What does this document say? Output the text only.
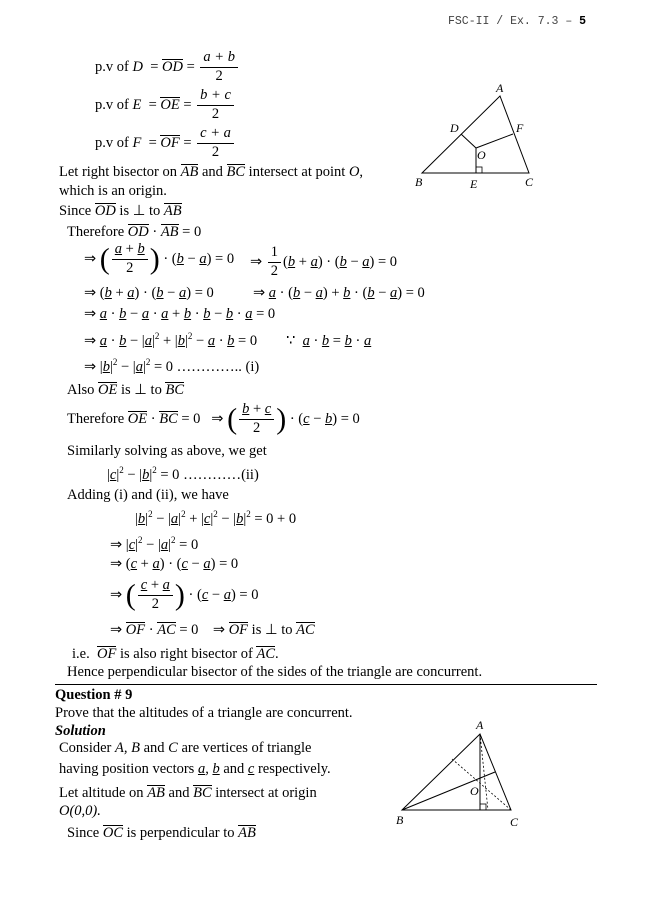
FSC-II / Ex. 7.3 – 5
p.v of D  = OD = $\frac{a + b}{2}$
p.v of E  = OE = $\frac{b + c}{2}$
p.v of F  = OF = $\frac{c + a}{2}$
A
D	F
O
B	E	C
Let right bisector on AB and BC intersect at point O,
which is an origin.
Since OD is ⊥ to AB
Therefore OD · AB = 0
⇒ ( $\frac{a + b}{2}$ ) · (b − a) = 0 ⇒ $\frac{1}{2} (b + a) \cdot (b - a) = 0$
⇒ (b + a) · (b − a) = 0	⇒ a · (b − a) + b · (b − a) = 0
⇒ a · b − a · a + b · b − b · a = 0
⇒ $a \cdot b - |a|^2 + |b|^2 - a \cdot b = 0$        ∵ a · b = b · a
⇒ $|b|^2 - |a|^2 = 0$ ………….. (i)
Also OE is ⊥ to BC
Therefore OE · BC = 0   ⇒ ( $\frac{b + c}{2}$ ) · (c − b) = 0
Similarly solving as above, we get
$|c|^2 - |b|^2 = 0$ …………(ii)
Adding (i) and (ii), we have
$|b|^2 - |a|^2 + |c|^2 - |b|^2 = 0 + 0$
⇒ $|c|^2 - |a|^2 = 0$
⇒ (c + a) · (c − a) = 0
⇒ ( $\frac{c + a}{2}$ ) · (c − a) = 0
⇒ OF · AC = 0    ⇒ OF is ⊥ to AC
i.e. OF is also right bisector of AC.
Hence perpendicular bisector of the sides of the triangle are concurrent.
Question # 9
Prove that the altitudes of a triangle are concurrent.
Solution
Consider A, B and C are vertices of triangle
having position vectors a, b and c respectively.
Let altitude on AB and BC intersect at origin
O(0,0).
Since OC is perpendicular to AB
A
O
B	C
